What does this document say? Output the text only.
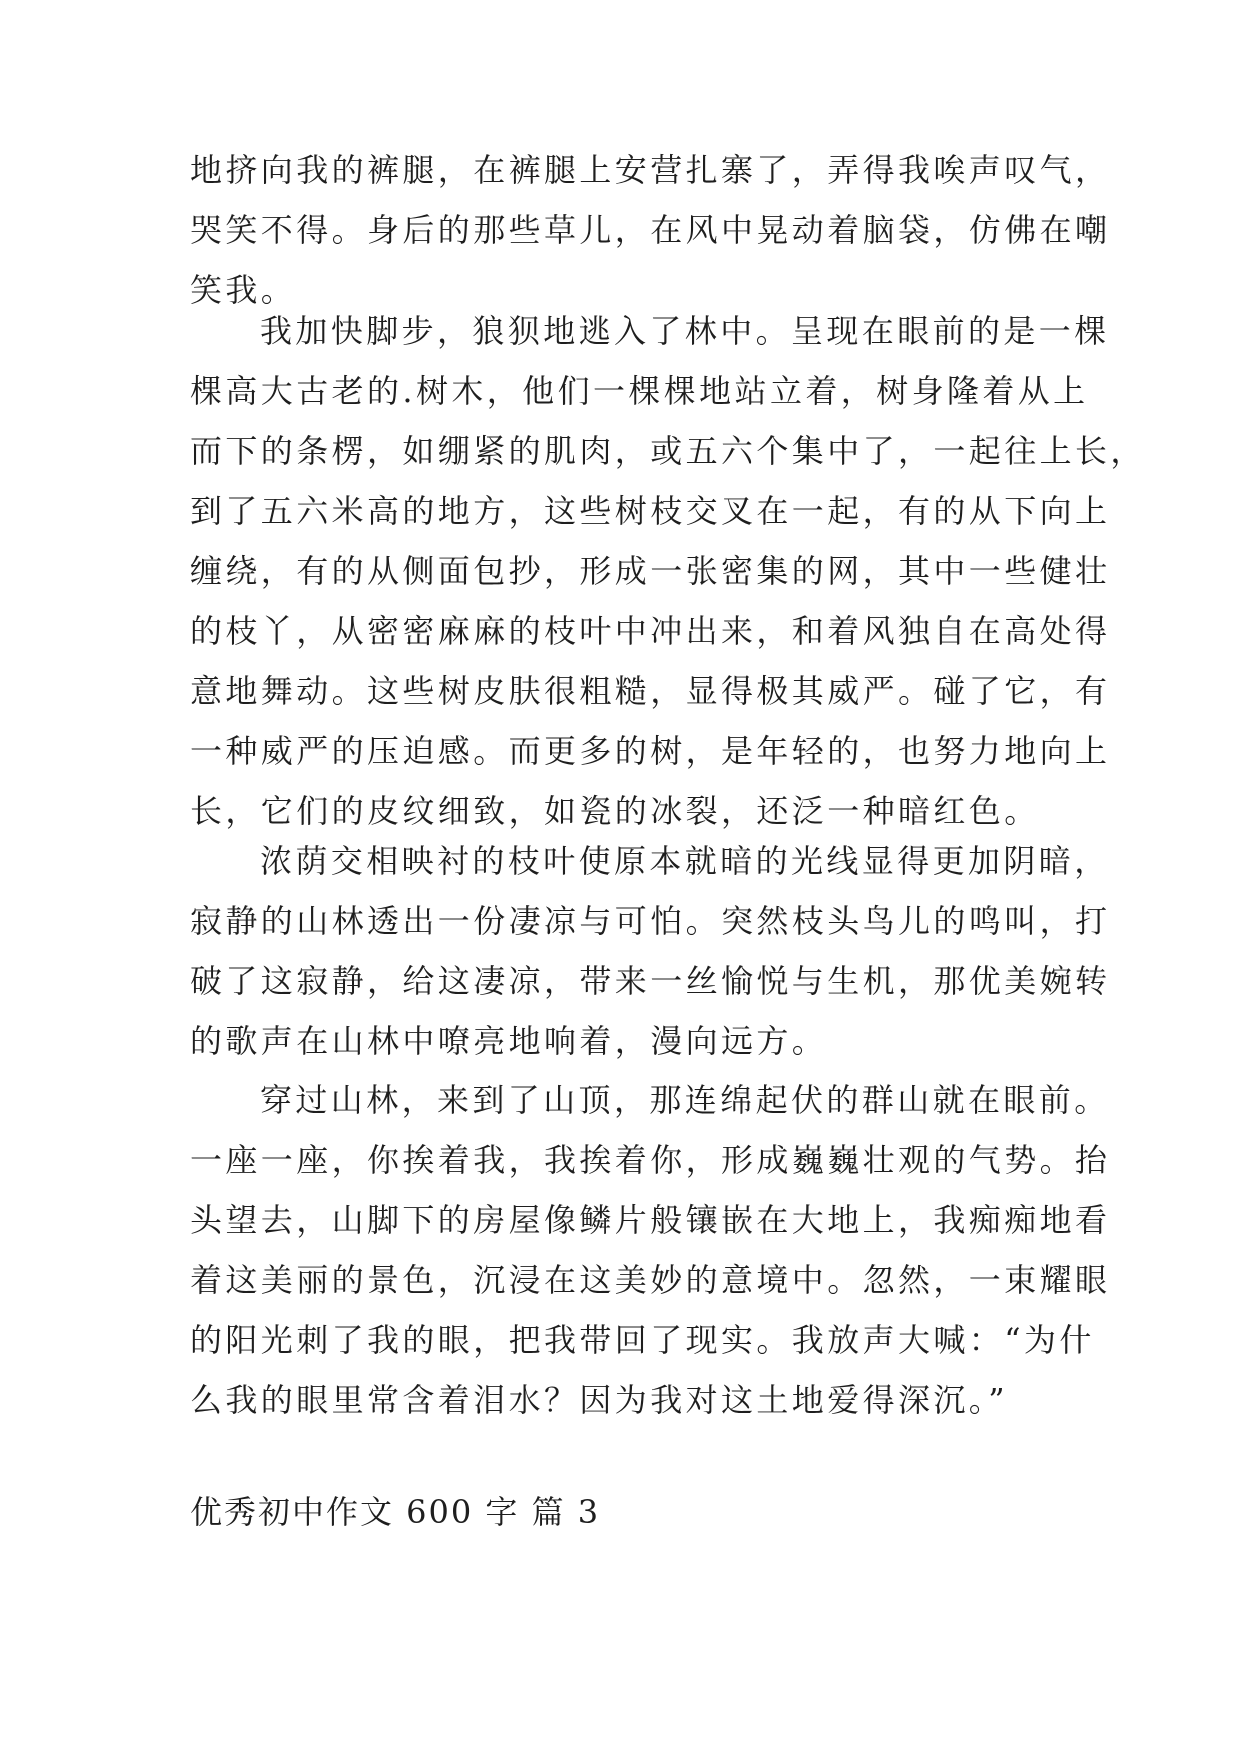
地挤向我的裤腿，在裤腿上安营扎寨了，弄得我唉声叹气，
哭笑不得。身后的那些草儿，在风中晃动着脑袋，仿佛在嘲
笑我。
我加快脚步，狼狈地逃入了林中。呈现在眼前的是一棵
棵高大古老的.树木，他们一棵棵地站立着，树身隆着从上
而下的条楞，如绷紧的肌肉，或五六个集中了，一起往上长，
到了五六米高的地方，这些树枝交叉在一起，有的从下向上
缠绕，有的从侧面包抄，形成一张密集的网，其中一些健壮
的枝丫，从密密麻麻的枝叶中冲出来，和着风独自在高处得
意地舞动。这些树皮肤很粗糙，显得极其威严。碰了它，有
一种威严的压迫感。而更多的树，是年轻的，也努力地向上
长，它们的皮纹细致，如瓷的冰裂，还泛一种暗红色。
浓荫交相映衬的枝叶使原本就暗的光线显得更加阴暗，
寂静的山林透出一份凄凉与可怕。突然枝头鸟儿的鸣叫，打
破了这寂静，给这凄凉，带来一丝愉悦与生机，那优美婉转
的歌声在山林中嘹亮地响着，漫向远方。
穿过山林，来到了山顶，那连绵起伏的群山就在眼前。
一座一座，你挨着我，我挨着你，形成巍巍壮观的气势。抬
头望去，山脚下的房屋像鳞片般镶嵌在大地上，我痴痴地看
着这美丽的景色，沉浸在这美妙的意境中。忽然，一束耀眼
的阳光刺了我的眼，把我带回了现实。我放声大喊：“为什
么我的眼里常含着泪水？因为我对这土地爱得深沉。”
优秀初中作文 600 字 篇 3
